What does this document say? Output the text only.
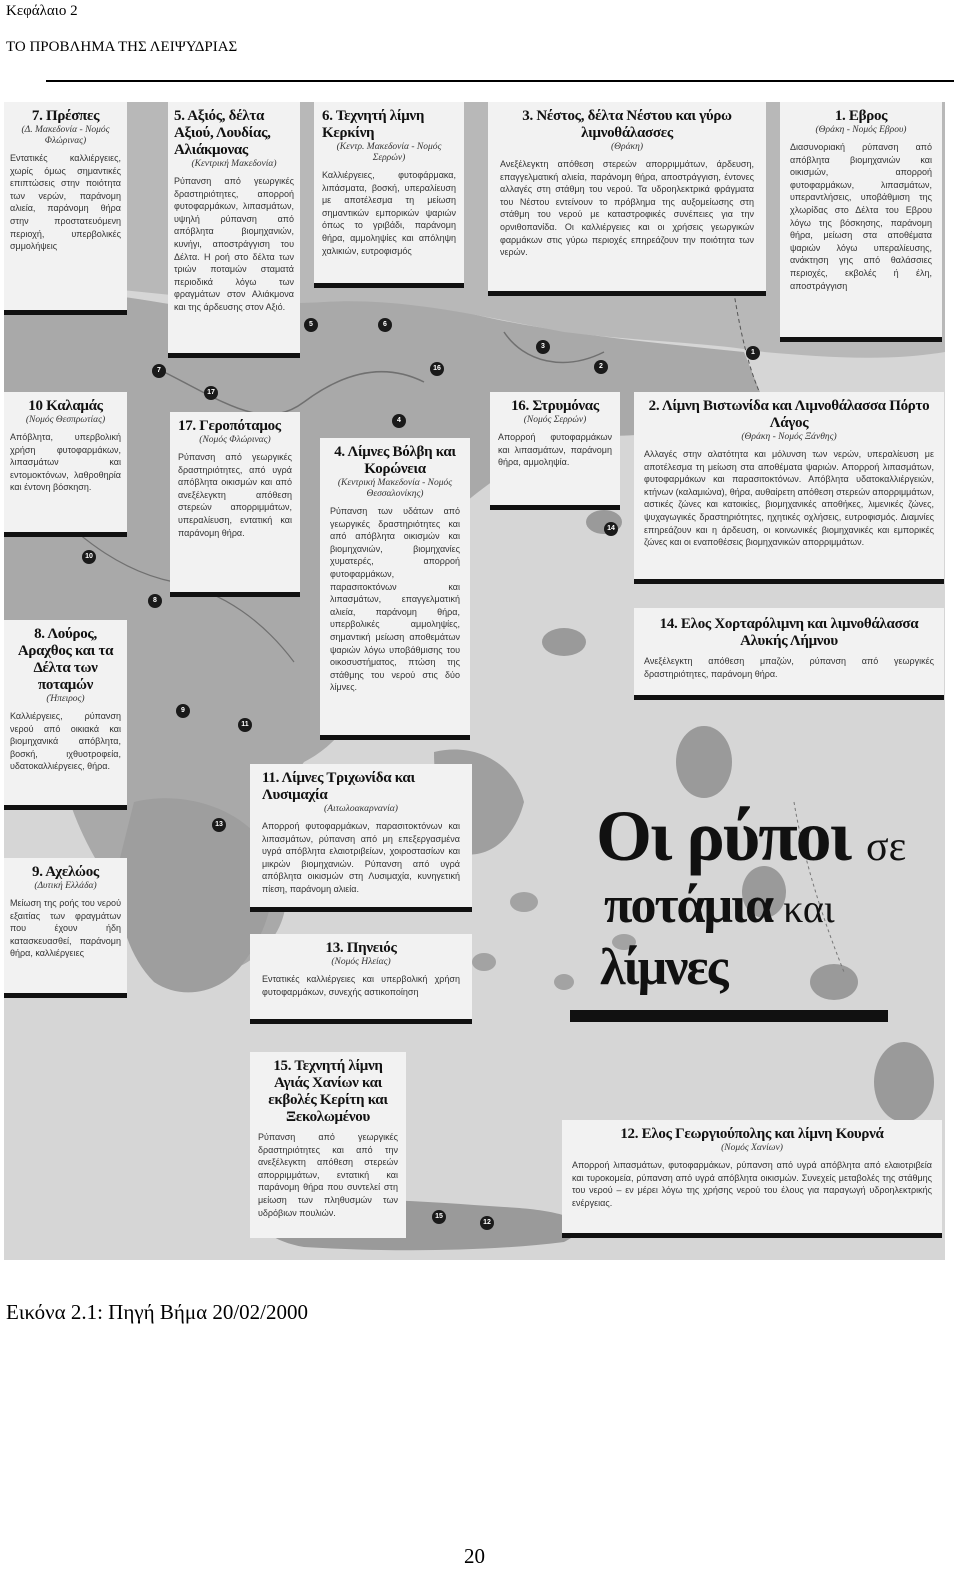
Κεφάλαιο 2
ΤΟ ΠΡΟΒΛΗΜΑ ΤΗΣ ΛΕΙΨΥΔΡΙΑΣ
7. Πρέσπες
(Δ. Μακεδονία - Νομός Φλώρινας)
Εντατικές καλλιέργειες, χωρίς όμως σημαντικές επιπτώσεις στην ποιότητα των νερών, παράνομη αλιεία, παράνομη θήρα στην προστατευόμενη περιοχή, υπερβολικές σμμολήψεις
5. Αξιός, δέλτα Αξιού, Λουδίας, Αλιάκμονας
(Κεντρική Μακεδονία)
Ρύπανση από γεωργικές δραστηριότητες, απορροή φυτοφαρμάκων, λιπασμάτων, υψηλή ρύπανση από απόβλητα βιομηχανιών, κυνήγι, αποστράγγιση του Δέλτα. Η ροή στο δέλτα των τριών ποταμών σταματά περιοδικά λόγω των φραγμάτων στον Αλιάκμονα και της άρδευσης στον Αξιό.
6. Τεχνητή λίμνη Κερκίνη
(Κεντρ. Μακεδονία - Νομός Σερρών)
Καλλιέργειες, φυτοφάρμακα, λιπάσματα, βοσκή, υπεραλίευση με αποτέλεσμα τη μείωση σημαντικών εμπορικών ψαριών όπως το γριβάδι, παράνομη θήρα, αμμοληψίες και απόληψη χαλικιών, ευτροφισμός
3. Νέστος, δέλτα Νέστου και γύρω λιμνοθάλασσες
(Θράκη)
Ανεξέλεγκτη απόθεση στερεών απορριμμάτων, άρδευση, επαγγελματική αλιεία, παράνομη θήρα, αποστράγγιση, έντονες αλλαγές στη στάθμη του νερού. Τα υδροηλεκτρικά φράγματα του Νέστου εντείνουν το πρόβλημα της αυξομείωσης στη στάθμη του νερού με καταστροφικές συνέπειες για την ορνιθοπανίδα. Οι καλλιέργειες και οι χρήσεις γεωργικών φαρμάκων στις γύρω περιοχές επηρεάζουν την ποιότητα των νερών.
1. Εβρος
(Θράκη - Νομός Εβρου)
Διασυνοριακή ρύπανση από απόβλητα βιομηχανιών και οικισμών, απορροή φυτοφαρμάκων, λιπασμάτων, υπεραντλήσεις, υποβάθμιση της χλωρίδας στο Δέλτα του Εβρου λόγω της βόσκησης, παράνομη θήρα, μείωση στα αποθέματα ψαριών λόγω υπεραλίευσης, ανάκτηση γης από θαλάσσιες περιοχές, εκβολές ή έλη, αποστράγγιση
10 Καλαμάς
(Νομός Θεσπρωτίας)
Απόβλητα, υπερβολική χρήση φυτοφαρμάκων, λιπασμάτων και εντομοκτόνων, λαθροθηρία και έντονη βόσκηση.
17. Γεροπόταμος
(Νομός Φλώρινας)
Ρύπανση από γεωργικές δραστηριότητες, από υγρά απόβλητα οικισμών και από ανεξέλεγκτη απόθεση στερεών απορριμμάτων, υπεραλίευση, εντατική και παράνομη θήρα.
4. Λίμνες Βόλβη και Κορώνεια
(Κεντρική Μακεδονία - Νομός Θεσσαλονίκης)
Ρύπανση των υδάτων από γεωργικές δραστηριότητες και από απόβλητα οικισμών και βιομηχανιών, βιομηχανίες χυματερές, απορροή φυτοφαρμάκων, παρασιτοκτόνων και λιπασμάτων, επαγγελματική αλιεία, παράνομη θήρα, υπερβολικές αμμοληψίες, σημαντική μείωση αποθεμάτων ψαριών λόγω υποβάθμισης του οικοσυστήματος, πτώση της στάθμης του νερού στις δύο λίμνες.
16. Στρυμόνας
(Νομός Σερρών)
Απορροή φυτοφαρμάκων και λιπασμάτων, παράνομη θήρα, αμμοληψία.
2. Λίμνη Βιστωνίδα και Λιμνοθάλασσα Πόρτο Λάγος
(Θράκη - Νομός Ξάνθης)
Αλλαγές στην αλατότητα και μόλυνση των νερών, υπεραλίευση με αποτέλεσμα τη μείωση στα αποθέματα ψαριών. Απορροή λιπασμάτων, φυτοφαρμάκων και παρασιτοκτόνων. Απόβλητα υδατοκαλλιέργειών, κτήνων (καλαμιώνα), θήρα, αυθαίρετη απόθεση στερεών απορριμμάτων, αστικές ζώνες και κατοικίες, βιομηχανικές αποθήκες, λιμενικές ζώνες, ψυχαγωγικές δραστηριότητες, ηχητικές οχλήσεις, ευτροφισμός. Διαμνίες επηρεάζουν και η άρδευση, οι κοινωνικές βιομηχανικές και εμπορικές ζώνες και οι εναποθέσεις βιομηχανικών απορριμμάτων.
8. Λούρος, Αραχθος και τα Δέλτα των ποταμών
(Ήπειρος)
Καλλιέργειες, ρύπανση νερού από οικιακά και βιομηχανικά απόβλητα, βοσκή, ιχθυοτροφεία, υδατοκαλλιέργειες, θήρα.
14. Ελος Χορταρόλιμνη και λιμνοθάλασσα Αλυκής Λήμνου
Ανεξέλεγκτη απόθεση μπαζών, ρύπανση από γεωργικές δραστηριότητες, παράνομη θήρα.
11. Λίμνες Τριχωνίδα και Λυσιμαχία
(Αιτωλοακαρνανία)
Απορροή φυτοφαρμάκων, παρασιτοκτόνων και λιπασμάτων, ρύπανση από μη επεξεργασμένα υγρά απόβλητα ελαιοτριβείων, χοιροστασίων και μικρών βιομηχανιών. Ρύπανση από υγρά απόβλητα οικισμών στη Λυσιμαχία, κυνηγετική πίεση, παράνομη αλιεία.
9. Αχελώος
(Δυτική Ελλάδα)
Μείωση της ροής του νερού εξαιτίας των φραγμάτων που έχουν ήδη κατασκευασθεί, παράνομη θήρα, καλλιέργειες	13. Πηνειός
(Νομός Ηλείας)
Εντατικές καλλιέργειες και υπερβολική χρήση φυτοφαρμάκων, συνεχής αστικοποίηση
15. Τεχνητή λίμνη Αγιάς Χανίων και εκβολές Κερίτη και Ξεκολωμένου
Ρύπανση από γεωργικές δραστηριότητες και από την ανεξέλεγκτη απόθεση στερεών απορριμμάτων, εντατική και παράνομη θήρα που συντελεί στη μείωση των πληθυσμών των υδρόβιων πουλιών.
12. Ελος Γεωργιούπολης και λίμνη Κουρνά
(Νομός Χανίων)
Απορροή λιπασμάτων, φυτοφαρμάκων, ρύπανση από υγρά απόβλητα από ελαιοτριβεία και τυροκομεία, ρύπανση από υγρά απόβλητα οικισμών. Συνεχείς μεταβολές της στάθμης του νερού – εν μέρει λόγω της χρήσης νερού του έλους για παραγωγή υδροηλεκτρικής ενέργειας.
Οι ρύποι σε
ποτάμια και
λίμνες
1
2
3
4
5	6
7
8
9
10
11
12
13
14
15
16
17
Εικόνα 2.1: Πηγή Βήμα 20/02/2000
20
